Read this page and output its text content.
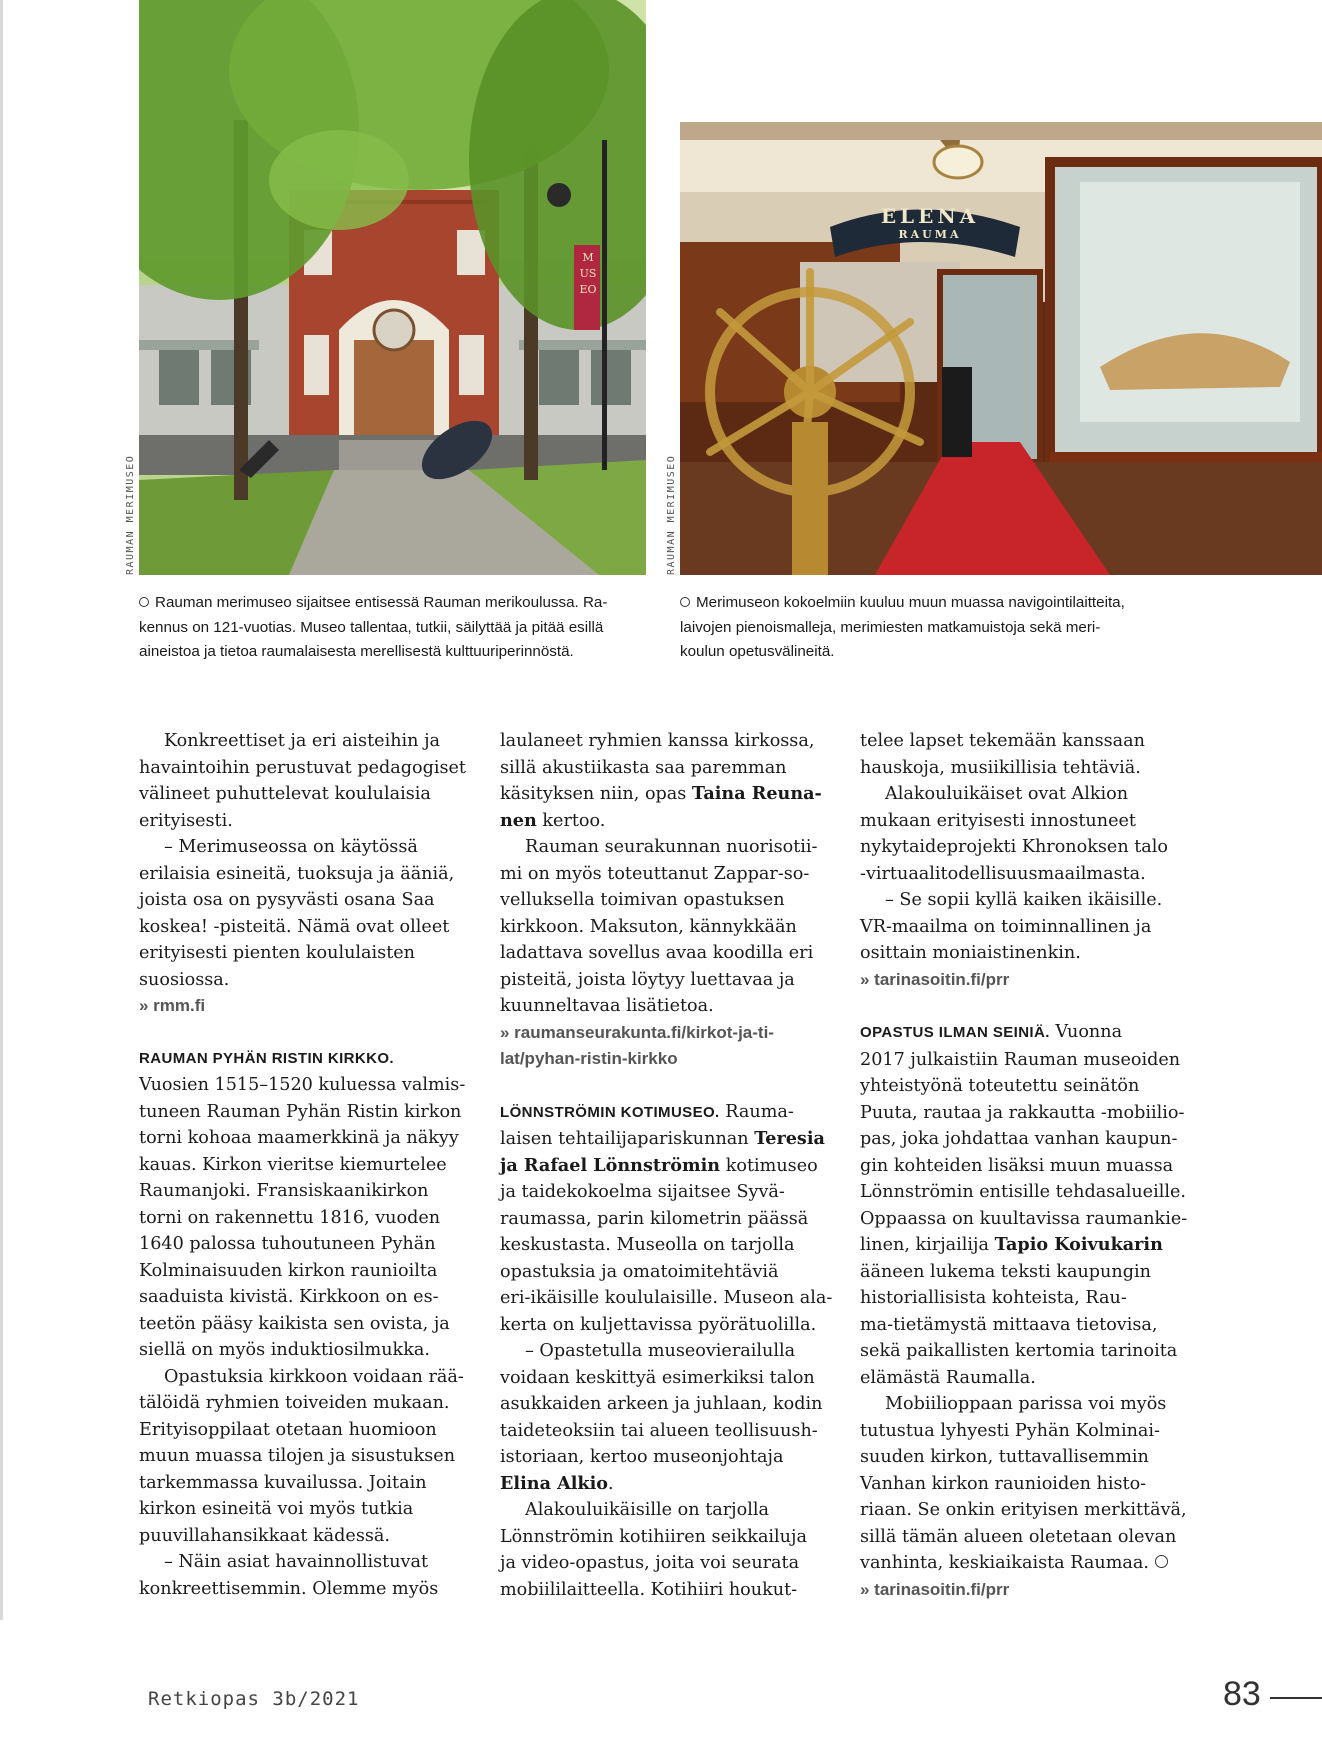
RAUMAN MERIMUSEO
ELENA
RAUMA
MUSEO
RAUMAN MERIMUSEO
Rauman merimuseo sijaitsee entisessä Rauman merikoulussa. Ra-
kennus on 121-vuotias. Museo tallentaa, tutkii, säilyttää ja pitää esillä
aineistoa ja tietoa raumalaisesta merellisestä kulttuuriperinnöstä.
Merimuseon kokoelmiin kuuluu muun muassa navigointilaitteita,
laivojen pienoismalleja, merimiesten matkamuistoja sekä meri-
koulun opetusvälineitä.
Konkreettiset ja eri aisteihin ja
havaintoihin perustuvat pedagogiset
välineet puhuttelevat koululaisia
erityisesti.
– Merimuseossa on käytössä
erilaisia esineitä, tuoksuja ja ääniä,
joista osa on pysyvästi osana Saa
koskea! -pisteitä. Nämä ovat olleet
erityisesti pienten koululaisten
suosiossa.
» rmm.fi
RAUMAN PYHÄN RISTIN KIRKKO.
Vuosien 1515–1520 kuluessa valmis-
tuneen Rauman Pyhän Ristin kirkon
torni kohoaa maamerkkinä ja näkyy
kauas. Kirkon vieritse kiemurtelee
Raumanjoki. Fransiskaanikirkon
torni on rakennettu 1816, vuoden
1640 palossa tuhoutuneen Pyhän
Kolminaisuuden kirkon raunioilta
saaduista kivistä. Kirkkoon on es-
teetön pääsy kaikista sen ovista, ja
siellä on myös induktiosilmukka.
Opastuksia kirkkoon voidaan rää-
tälöidä ryhmien toiveiden mukaan.
Erityisoppilaat otetaan huomioon
muun muassa tilojen ja sisustuksen
tarkemmassa kuvailussa. Joitain
kirkon esineitä voi myös tutkia
puuvillahansikkaat kädessä.
– Näin asiat havainnollistuvat
konkreettisemmin. Olemme myös
laulaneet ryhmien kanssa kirkossa,
sillä akustiikasta saa paremman
käsityksen niin, opas Taina Reuna-
nen kertoo.
Rauman seurakunnan nuorisotii-
mi on myös toteuttanut Zappar-so-
velluksella toimivan opastuksen
kirkkoon. Maksuton, kännykkään
ladattava sovellus avaa koodilla eri
pisteitä, joista löytyy luettavaa ja
kuunneltavaa lisätietoa.
» raumanseurakunta.fi/kirkot-ja-ti-
lat/pyhan-ristin-kirkko
LÖNNSTRÖMIN KOTIMUSEO. Rauma-
laisen tehtailijapariskunnan Teresia
ja Rafael Lönnströmin kotimuseo
ja taidekokoelma sijaitsee Syvä-
raumassa, parin kilometrin päässä
keskustasta. Museolla on tarjolla
opastuksia ja omatoimitehtäviä
eri-ikäisille koululaisille. Museon ala-
kerta on kuljettavissa pyörätuolilla.
– Opastetulla museovierailulla
voidaan keskittyä esimerkiksi talon
asukkaiden arkeen ja juhlaan, kodin
taideteoksiin tai alueen teollisuush-
istoriaan, kertoo museonjohtaja
Elina Alkio.
Alakouluikäisille on tarjolla
Lönnströmin kotihiiren seikkailuja
ja video-opastus, joita voi seurata
mobiililaitteella. Kotihiiri houkut-
telee lapset tekemään kanssaan
hauskoja, musiikillisia tehtäviä.
Alakouluikäiset ovat Alkion
mukaan erityisesti innostuneet
nykytaideprojekti Khronoksen talo
-virtuaalitodellisuusmaailmasta.
– Se sopii kyllä kaiken ikäisille.
VR-maailma on toiminnallinen ja
osittain moniaistinenkin.
» tarinasoitin.fi/prr
OPASTUS ILMAN SEINIÄ. Vuonna
2017 julkaistiin Rauman museoiden
yhteistyönä toteutettu seinätön
Puuta, rautaa ja rakkautta -mobiilio-
pas, joka johdattaa vanhan kaupun-
gin kohteiden lisäksi muun muassa
Lönnströmin entisille tehdasalueille.
Oppaassa on kuultavissa raumankie-
linen, kirjailija Tapio Koivukarin
ääneen lukema teksti kaupungin
historiallisista kohteista, Rau-
ma-tietämystä mittaava tietovisa,
sekä paikallisten kertomia tarinoita
elämästä Raumalla.
Mobiilioppaan parissa voi myös
tutustua lyhyesti Pyhän Kolminai-
suuden kirkon, tuttavallisemmin
Vanhan kirkon raunioiden histo-
riaan. Se onkin erityisen merkittävä,
sillä tämän alueen oletetaan olevan
vanhinta, keskiaikaista Raumaa.
» tarinasoitin.fi/prr
Retkiopas 3b/2021	83
